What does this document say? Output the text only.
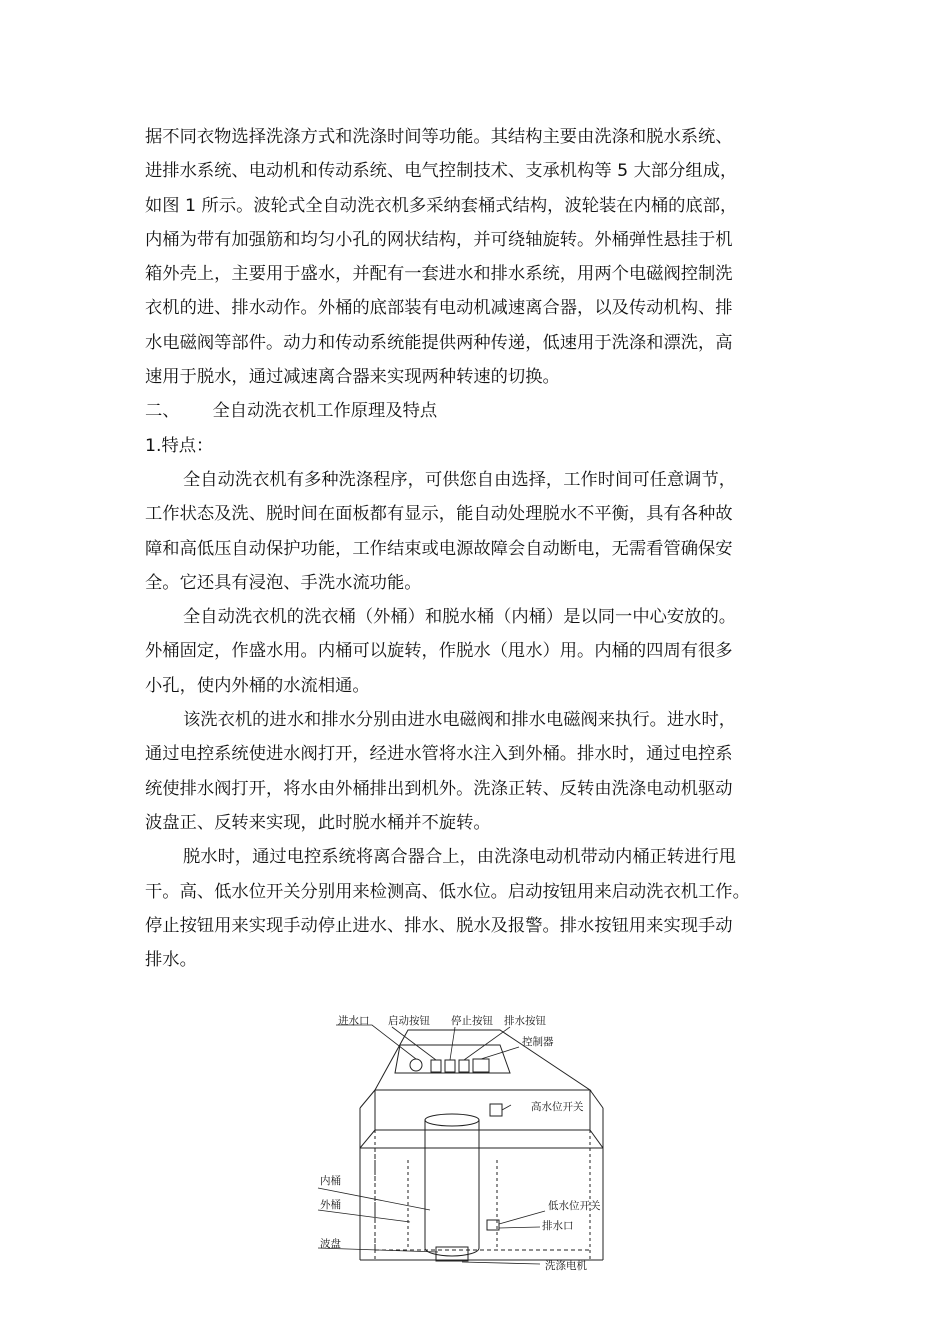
据不同衣物选择洗涤方式和洗涤时间等功能。其结构主要由洗涤和脱水系统、
进排水系统、电动机和传动系统、电气控制技术、支承机构等 5 大部分组成，
如图 1 所示。波轮式全自动洗衣机多采纳套桶式结构，波轮装在内桶的底部，
内桶为带有加强筋和均匀小孔的网状结构，并可绕轴旋转。外桶弹性悬挂于机
箱外壳上，主要用于盛水，并配有一套进水和排水系统，用两个电磁阀控制洗
衣机的进、排水动作。外桶的底部装有电动机减速离合器，以及传动机构、排
水电磁阀等部件。动力和传动系统能提供两种传递，低速用于洗涤和漂洗，高
速用于脱水，通过减速离合器来实现两种转速的切换。
二、      全自动洗衣机工作原理及特点
1.特点：
全自动洗衣机有多种洗涤程序，可供您自由选择，工作时间可任意调节，
工作状态及洗、脱时间在面板都有显示，能自动处理脱水不平衡，具有各种故
障和高低压自动保护功能，工作结束或电源故障会自动断电，无需看管确保安
全。它还具有浸泡、手洗水流功能。
全自动洗衣机的洗衣桶（外桶）和脱水桶（内桶）是以同一中心安放的。
外桶固定，作盛水用。内桶可以旋转，作脱水（甩水）用。内桶的四周有很多
小孔，使内外桶的水流相通。
该洗衣机的进水和排水分别由进水电磁阀和排水电磁阀来执行。进水时，
通过电控系统使进水阀打开，经进水管将水注入到外桶。排水时，通过电控系
统使排水阀打开，将水由外桶排出到机外。洗涤正转、反转由洗涤电动机驱动
波盘正、反转来实现，此时脱水桶并不旋转。
脱水时，通过电控系统将离合器合上，由洗涤电动机带动内桶正转进行甩
干。高、低水位开关分别用来检测高、低水位。启动按钮用来启动洗衣机工作。
停止按钮用来实现手动停止进水、排水、脱水及报警。排水按钮用来实现手动
排水。
进水口 启动按钮 停止按钮 排水按钮
控制器
高水位开关
内桶
外桶	低水位开关
排水口
波盘
洗涤电机
